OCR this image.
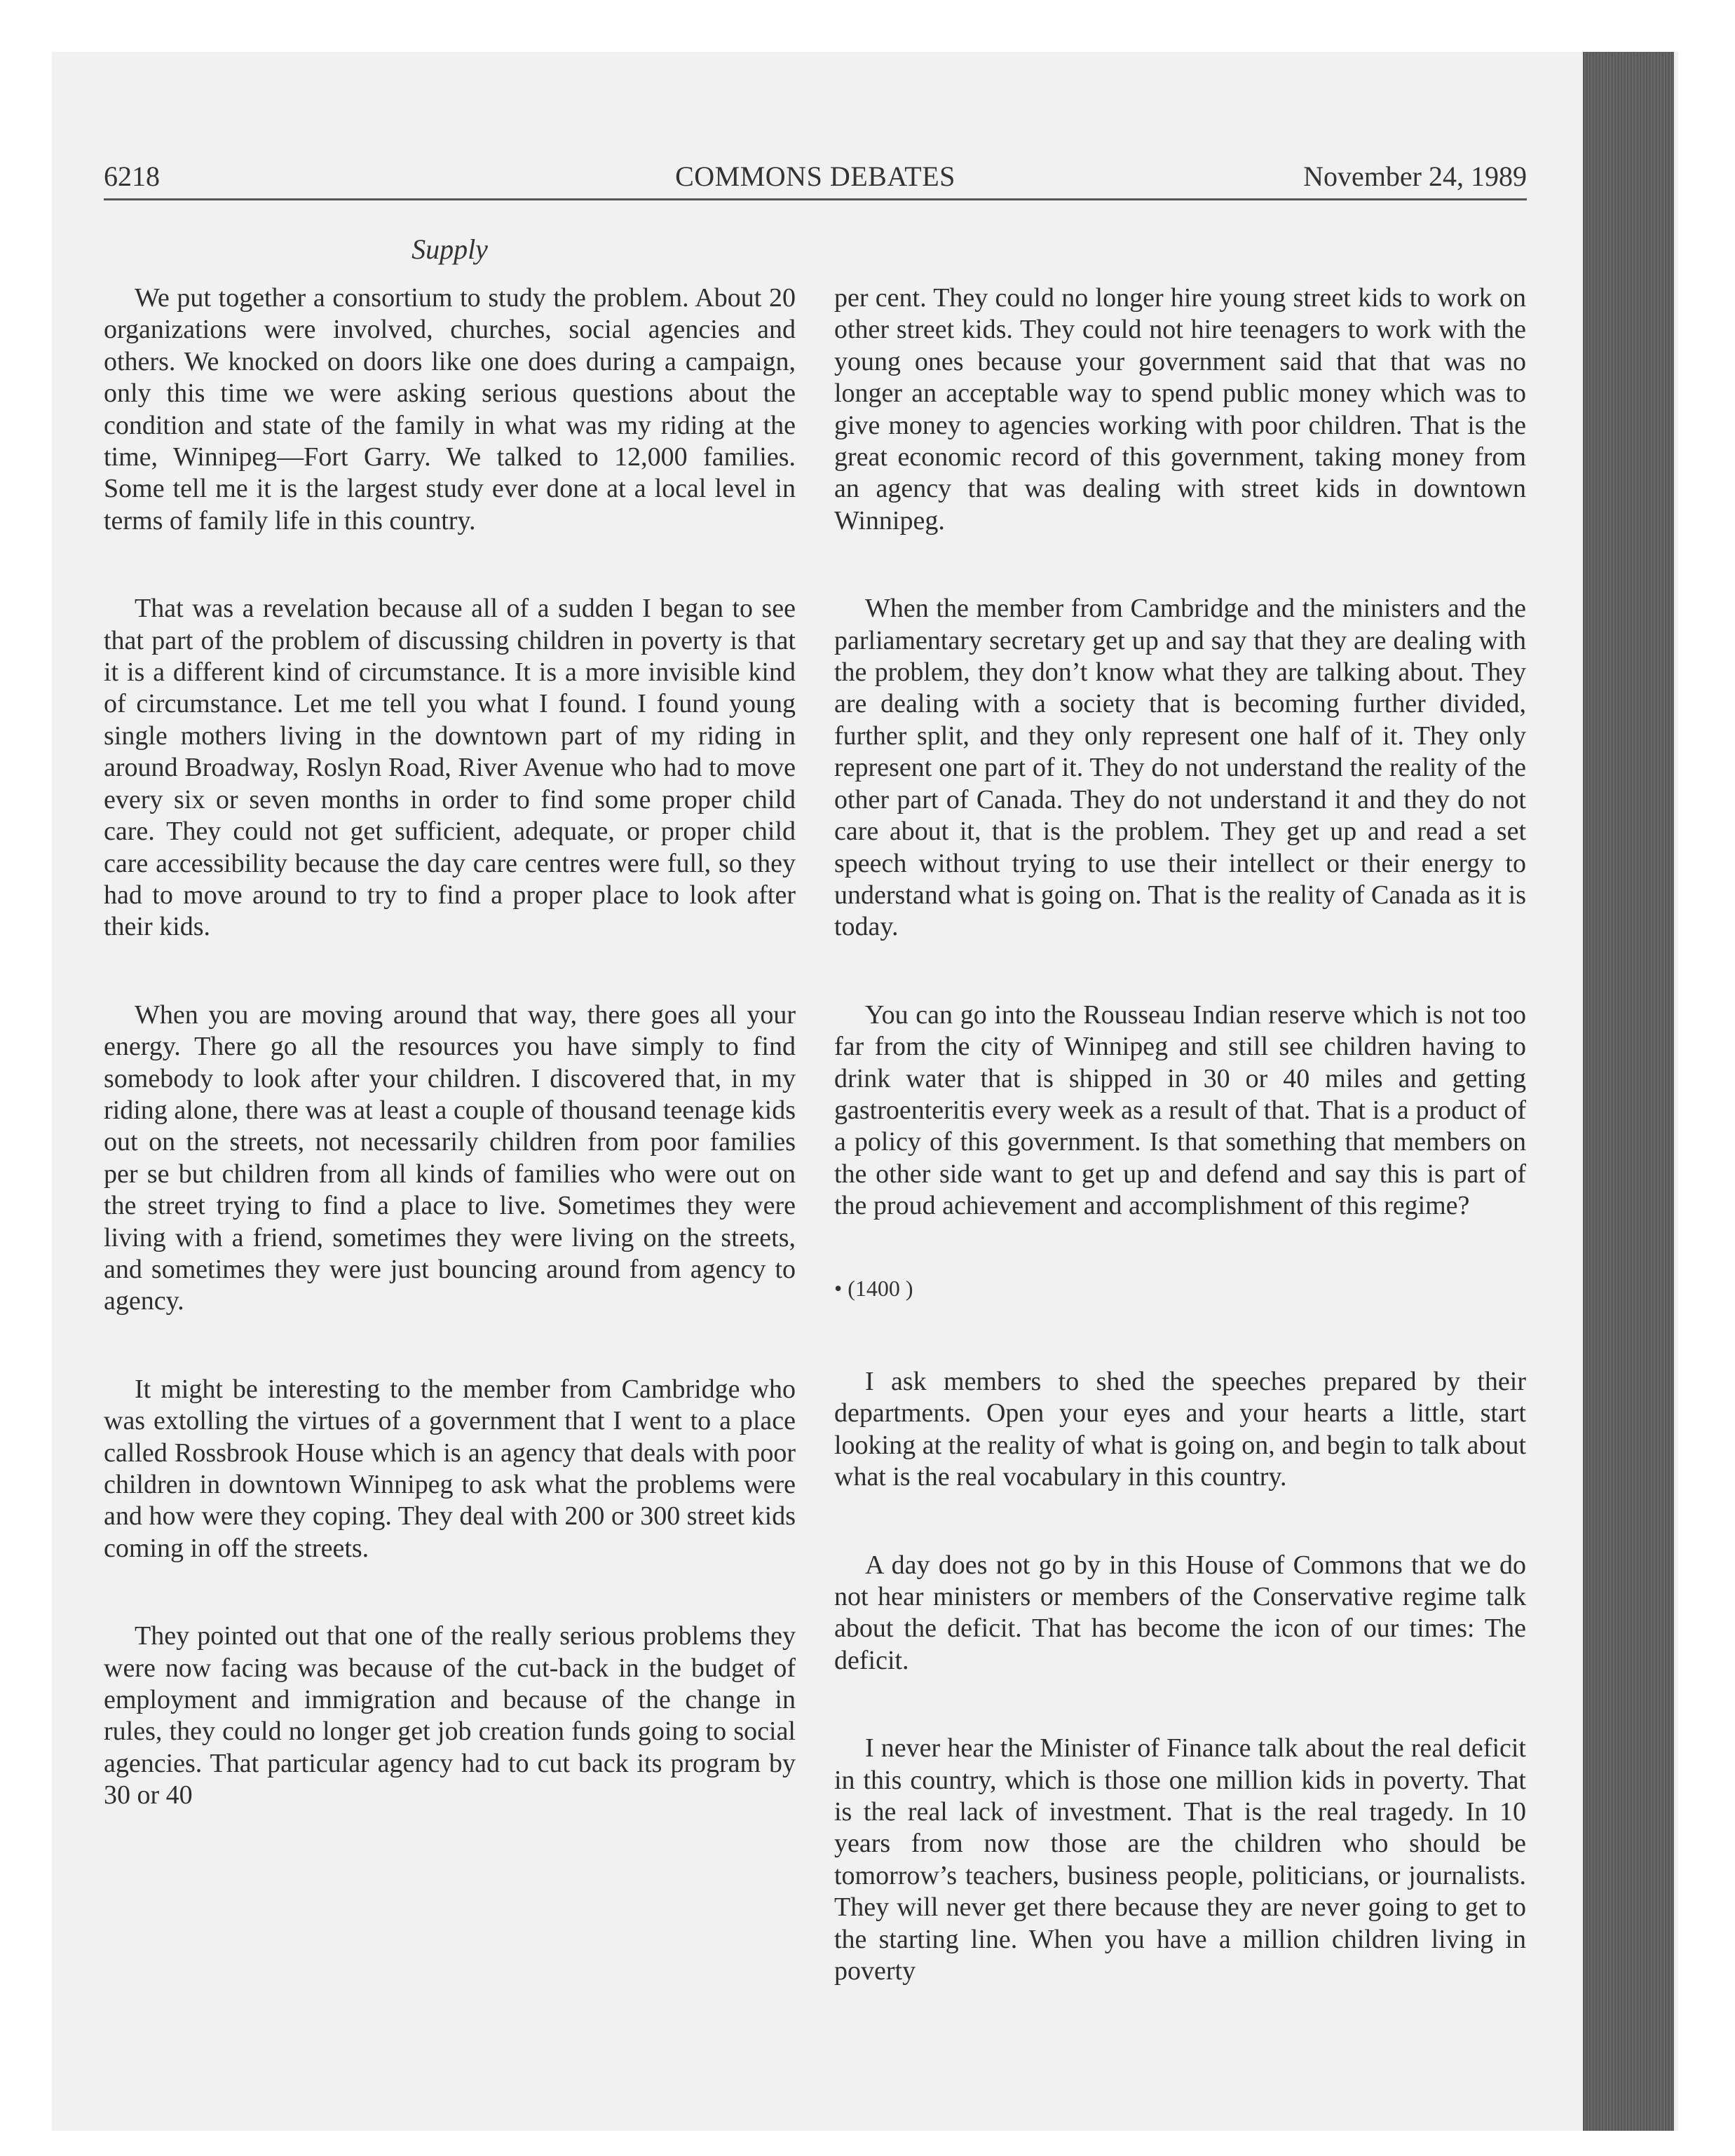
6218	COMMONS DEBATES	November 24, 1989
Supply

We put together a consortium to study the problem. About 20 organizations were involved, churches, social agencies and others. We knocked on doors like one does during a campaign, only this time we were asking serious questions about the condition and state of the family in what was my riding at the time, Winnipeg—Fort Garry. We talked to 12,000 families. Some tell me it is the largest study ever done at a local level in terms of family life in this country.

That was a revelation because all of a sudden I began to see that part of the problem of discussing children in poverty is that it is a different kind of circumstance. It is a more invisible kind of circumstance. Let me tell you what I found. I found young single mothers living in the downtown part of my riding in around Broadway, Roslyn Road, River Avenue who had to move every six or seven months in order to find some proper child care. They could not get sufficient, adequate, or proper child care accessibility because the day care centres were full, so they had to move around to try to find a proper place to look after their kids.

When you are moving around that way, there goes all your energy. There go all the resources you have simply to find somebody to look after your children. I discovered that, in my riding alone, there was at least a couple of thousand teenage kids out on the streets, not necessarily children from poor families per se but children from all kinds of families who were out on the street trying to find a place to live. Sometimes they were living with a friend, sometimes they were living on the streets, and sometimes they were just bouncing around from agency to agency.

It might be interesting to the member from Cambridge who was extolling the virtues of a government that I went to a place called Rossbrook House which is an agency that deals with poor children in downtown Winnipeg to ask what the problems were and how were they coping. They deal with 200 or 300 street kids coming in off the streets.

They pointed out that one of the really serious problems they were now facing was because of the cut-back in the budget of employment and immigration and because of the change in rules, they could no longer get job creation funds going to social agencies. That particular agency had to cut back its program by 30 or 40

per cent. They could no longer hire young street kids to work on other street kids. They could not hire teenagers to work with the young ones because your government said that that was no longer an acceptable way to spend public money which was to give money to agencies working with poor children. That is the great economic record of this government, taking money from an agency that was dealing with street kids in downtown Winnipeg.

When the member from Cambridge and the ministers and the parliamentary secretary get up and say that they are dealing with the problem, they don’t know what they are talking about. They are dealing with a society that is becoming further divided, further split, and they only represent one half of it. They only represent one part of it. They do not understand the reality of the other part of Canada. They do not understand it and they do not care about it, that is the problem. They get up and read a set speech without trying to use their intellect or their energy to understand what is going on. That is the reality of Canada as it is today.

You can go into the Rousseau Indian reserve which is not too far from the city of Winnipeg and still see children having to drink water that is shipped in 30 or 40 miles and getting gastroenteritis every week as a result of that. That is a product of a policy of this government. Is that something that members on the other side want to get up and defend and say this is part of the proud achievement and accomplishment of this regime?

• (1400 )

I ask members to shed the speeches prepared by their departments. Open your eyes and your hearts a little, start looking at the reality of what is going on, and begin to talk about what is the real vocabulary in this country.

A day does not go by in this House of Commons that we do not hear ministers or members of the Conservative regime talk about the deficit. That has become the icon of our times: The deficit.

I never hear the Minister of Finance talk about the real deficit in this country, which is those one million kids in poverty. That is the real lack of investment. That is the real tragedy. In 10 years from now those are the children who should be tomorrow’s teachers, business people, politicians, or journalists. They will never get there because they are never going to get to the starting line. When you have a million children living in poverty
